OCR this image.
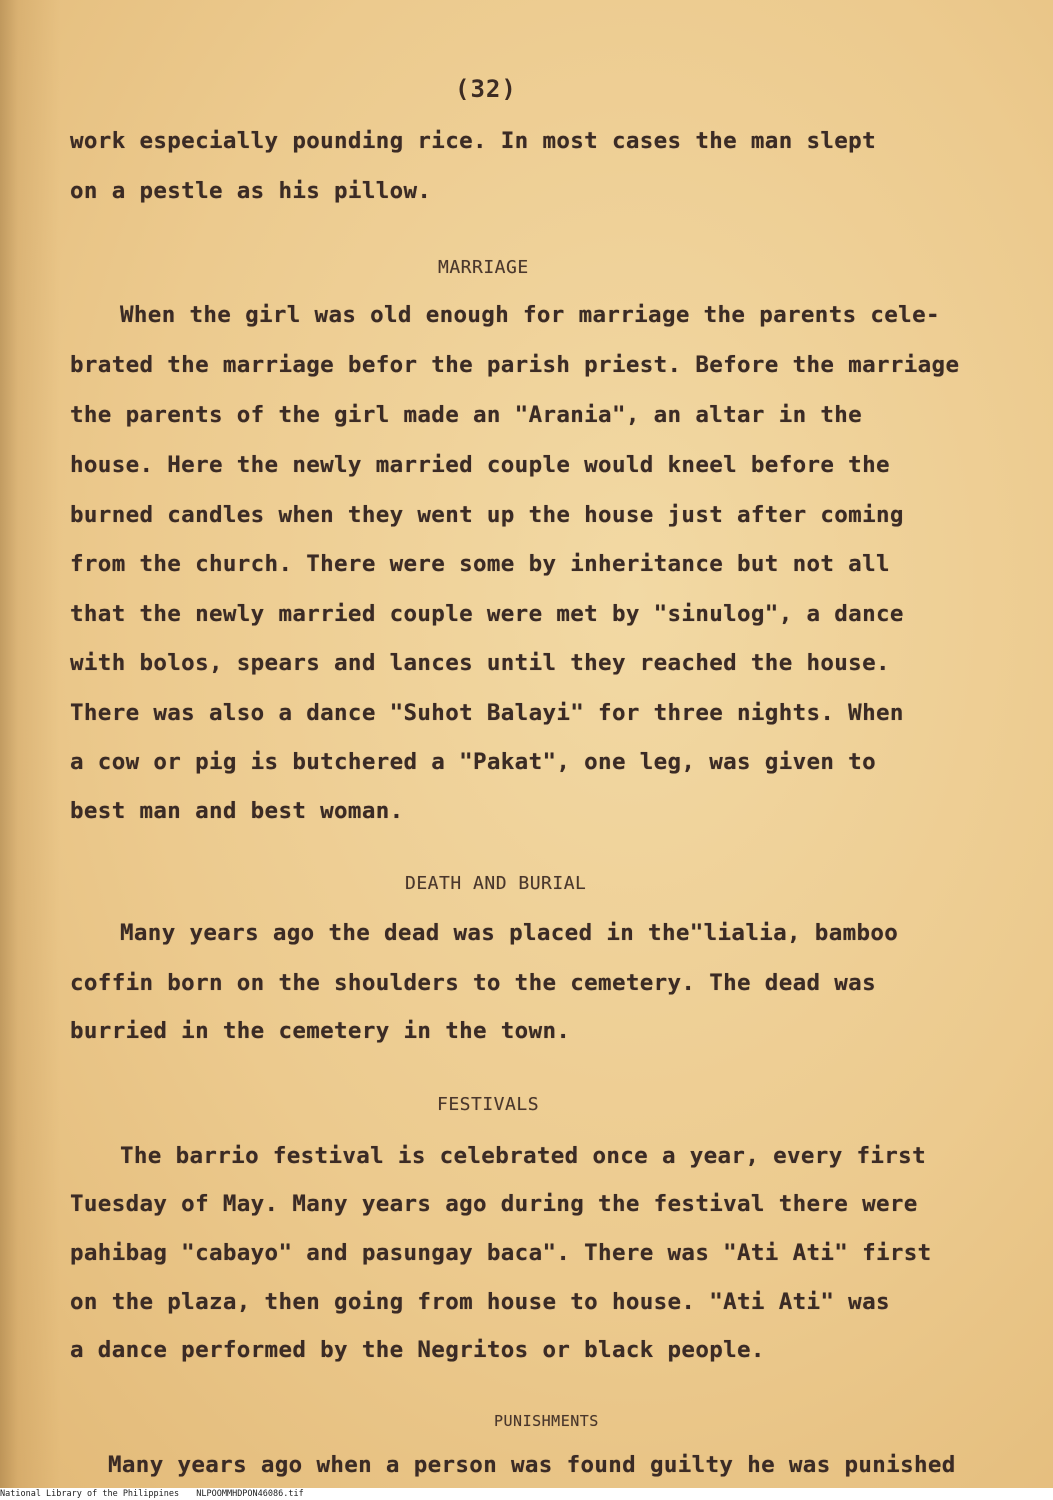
(32)
work especially pounding rice. In most cases the man slept
on a pestle as his pillow.
MARRIAGE
When the girl was old enough for marriage the parents cele-
brated the marriage befor the parish priest. Before the marriage
the parents of the girl made an "Arania", an altar in the
house. Here the newly married couple would kneel before the
burned candles when they went up the house just after coming
from the church. There were some by inheritance but not all
that the newly married couple were met by "sinulog", a dance
with bolos, spears and lances until they reached the house.
There was also a dance "Suhot Balayi" for three nights. When
a cow or pig is butchered a "Pakat", one leg, was given to
best man and best woman.
DEATH AND BURIAL
Many years ago the dead was placed in the"lialia, bamboo
coffin born on the shoulders to the cemetery. The dead was
burried in the cemetery in the town.
FESTIVALS
The barrio festival is celebrated once a year, every first
Tuesday of May. Many years ago during the festival there were
pahibag "cabayo" and pasungay baca". There was "Ati Ati" first
on the plaza, then going from house to house. "Ati Ati" was
a dance performed by the Negritos or black people.
PUNISHMENTS
Many years ago when a person was found guilty he was punished
National Library of the Philippines NLPOOMMHDPON46086.tif
